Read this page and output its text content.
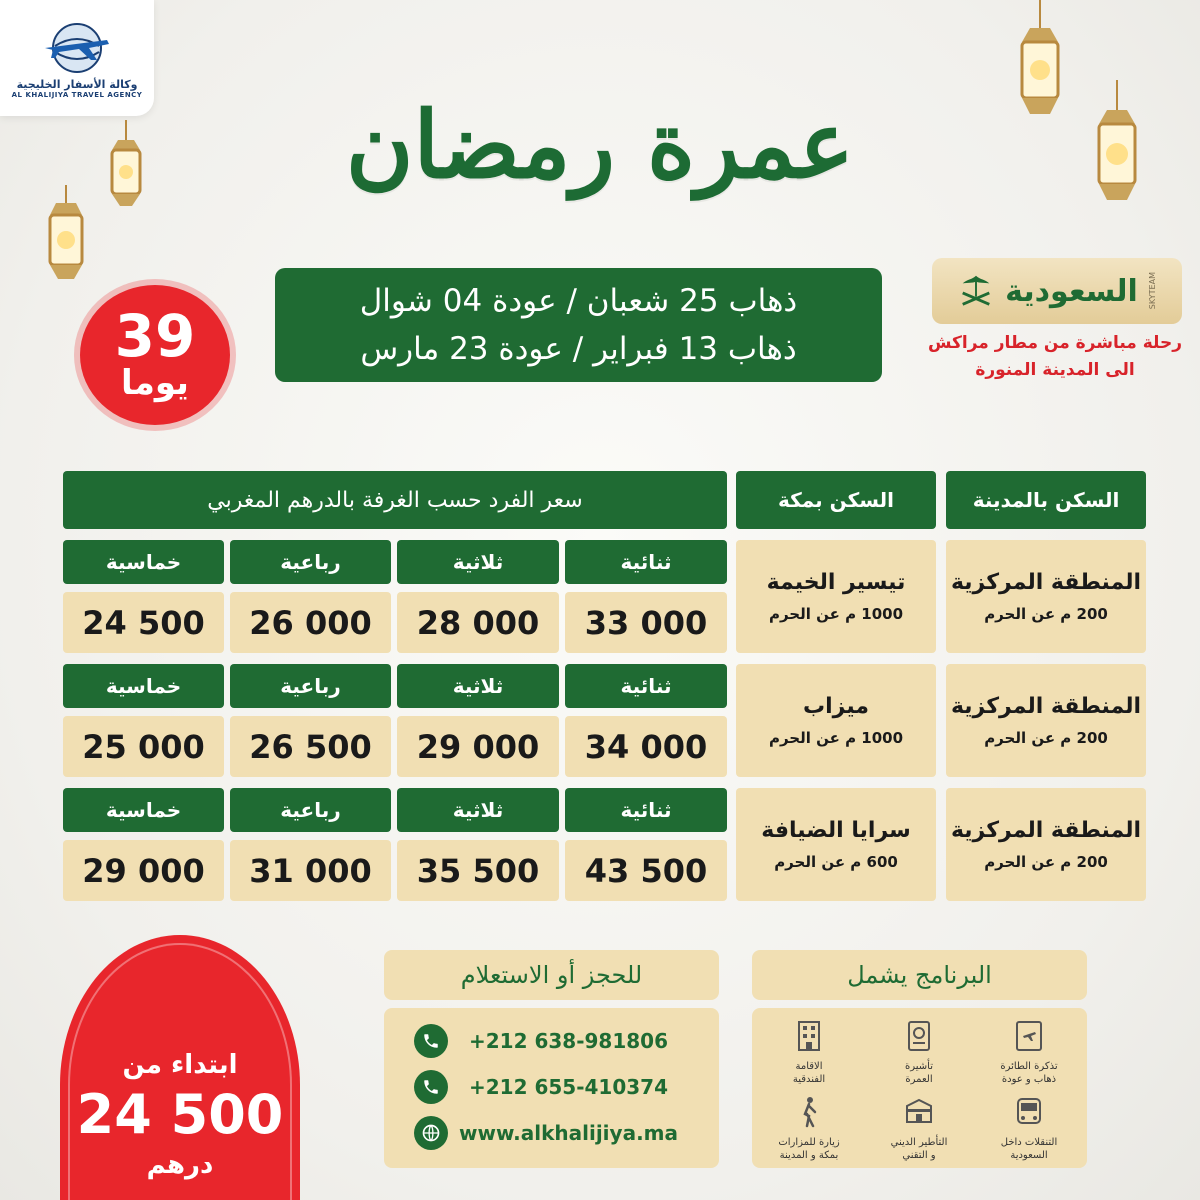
وكالة الأسفار الخليجية
AL KHALIJIYA TRAVEL AGENCY عمرة رمضان
ذهاب 25 شعبان / عودة 04 شوال
ذهاب 13 فبراير / عودة 23 مارس
39
يوما
SKYTEAM
السعودية
رحلة مباشرة من مطار مراكش
الى المدينة المنورة
السكن بالمدينة
السكن بمكة
سعر الفرد حسب الغرفة بالدرهم المغربي
المنطقة المركزية
200 م عن الحرم
تيسير الخيمة
1000 م عن الحرم
ثنائية
ثلاثية
رباعية
خماسية
33 000
28 000
26 000
24 500
المنطقة المركزية
200 م عن الحرم
ميزاب
1000 م عن الحرم
ثنائية
ثلاثية
رباعية
خماسية
34 000
29 000
26 500
25 000
المنطقة المركزية
200 م عن الحرم
سرايا الضيافة
600 م عن الحرم
ثنائية
ثلاثية
رباعية
خماسية
43 500
35 500
31 000
29 000
ابتداء من
24 500
درهم
للحجز أو الاستعلام
+212 638-981806
+212 655-410374
www.alkhalijiya.ma
البرنامج يشمل
تذكرة الطائرة
ذهاب و عودة
تأشيرة
العمرة
الاقامة
الفندقية
التنقلات داخل
السعودية
التأطير الديني
و التقني
زيارة للمزارات
بمكة و المدينة
